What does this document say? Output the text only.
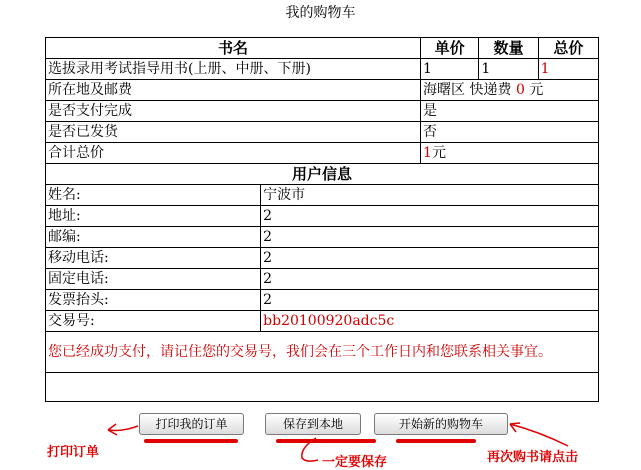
我的购物车
书名		单价	数量	总价
选拔录用考试指导用书(上册、中册、下册)		1	1	1
所在地及邮费		海曙区 快递费 0 元		
是否支付完成		是		
是否已发货		否		
合计总价		1元		
用户信息				
姓名:	宁波市			
地址:	2			
邮编:	2			
移动电话:	2			
固定电话:	2			
发票抬头:	2			
交易号:	bb20100920adc5c			
您已经成功支付，请记住您的交易号，我们会在三个工作日内和您联系相关事宜。				

打印我的订单	保存到本地	开始新的购物车
打印订单
一定要保存	再次购书请点击
